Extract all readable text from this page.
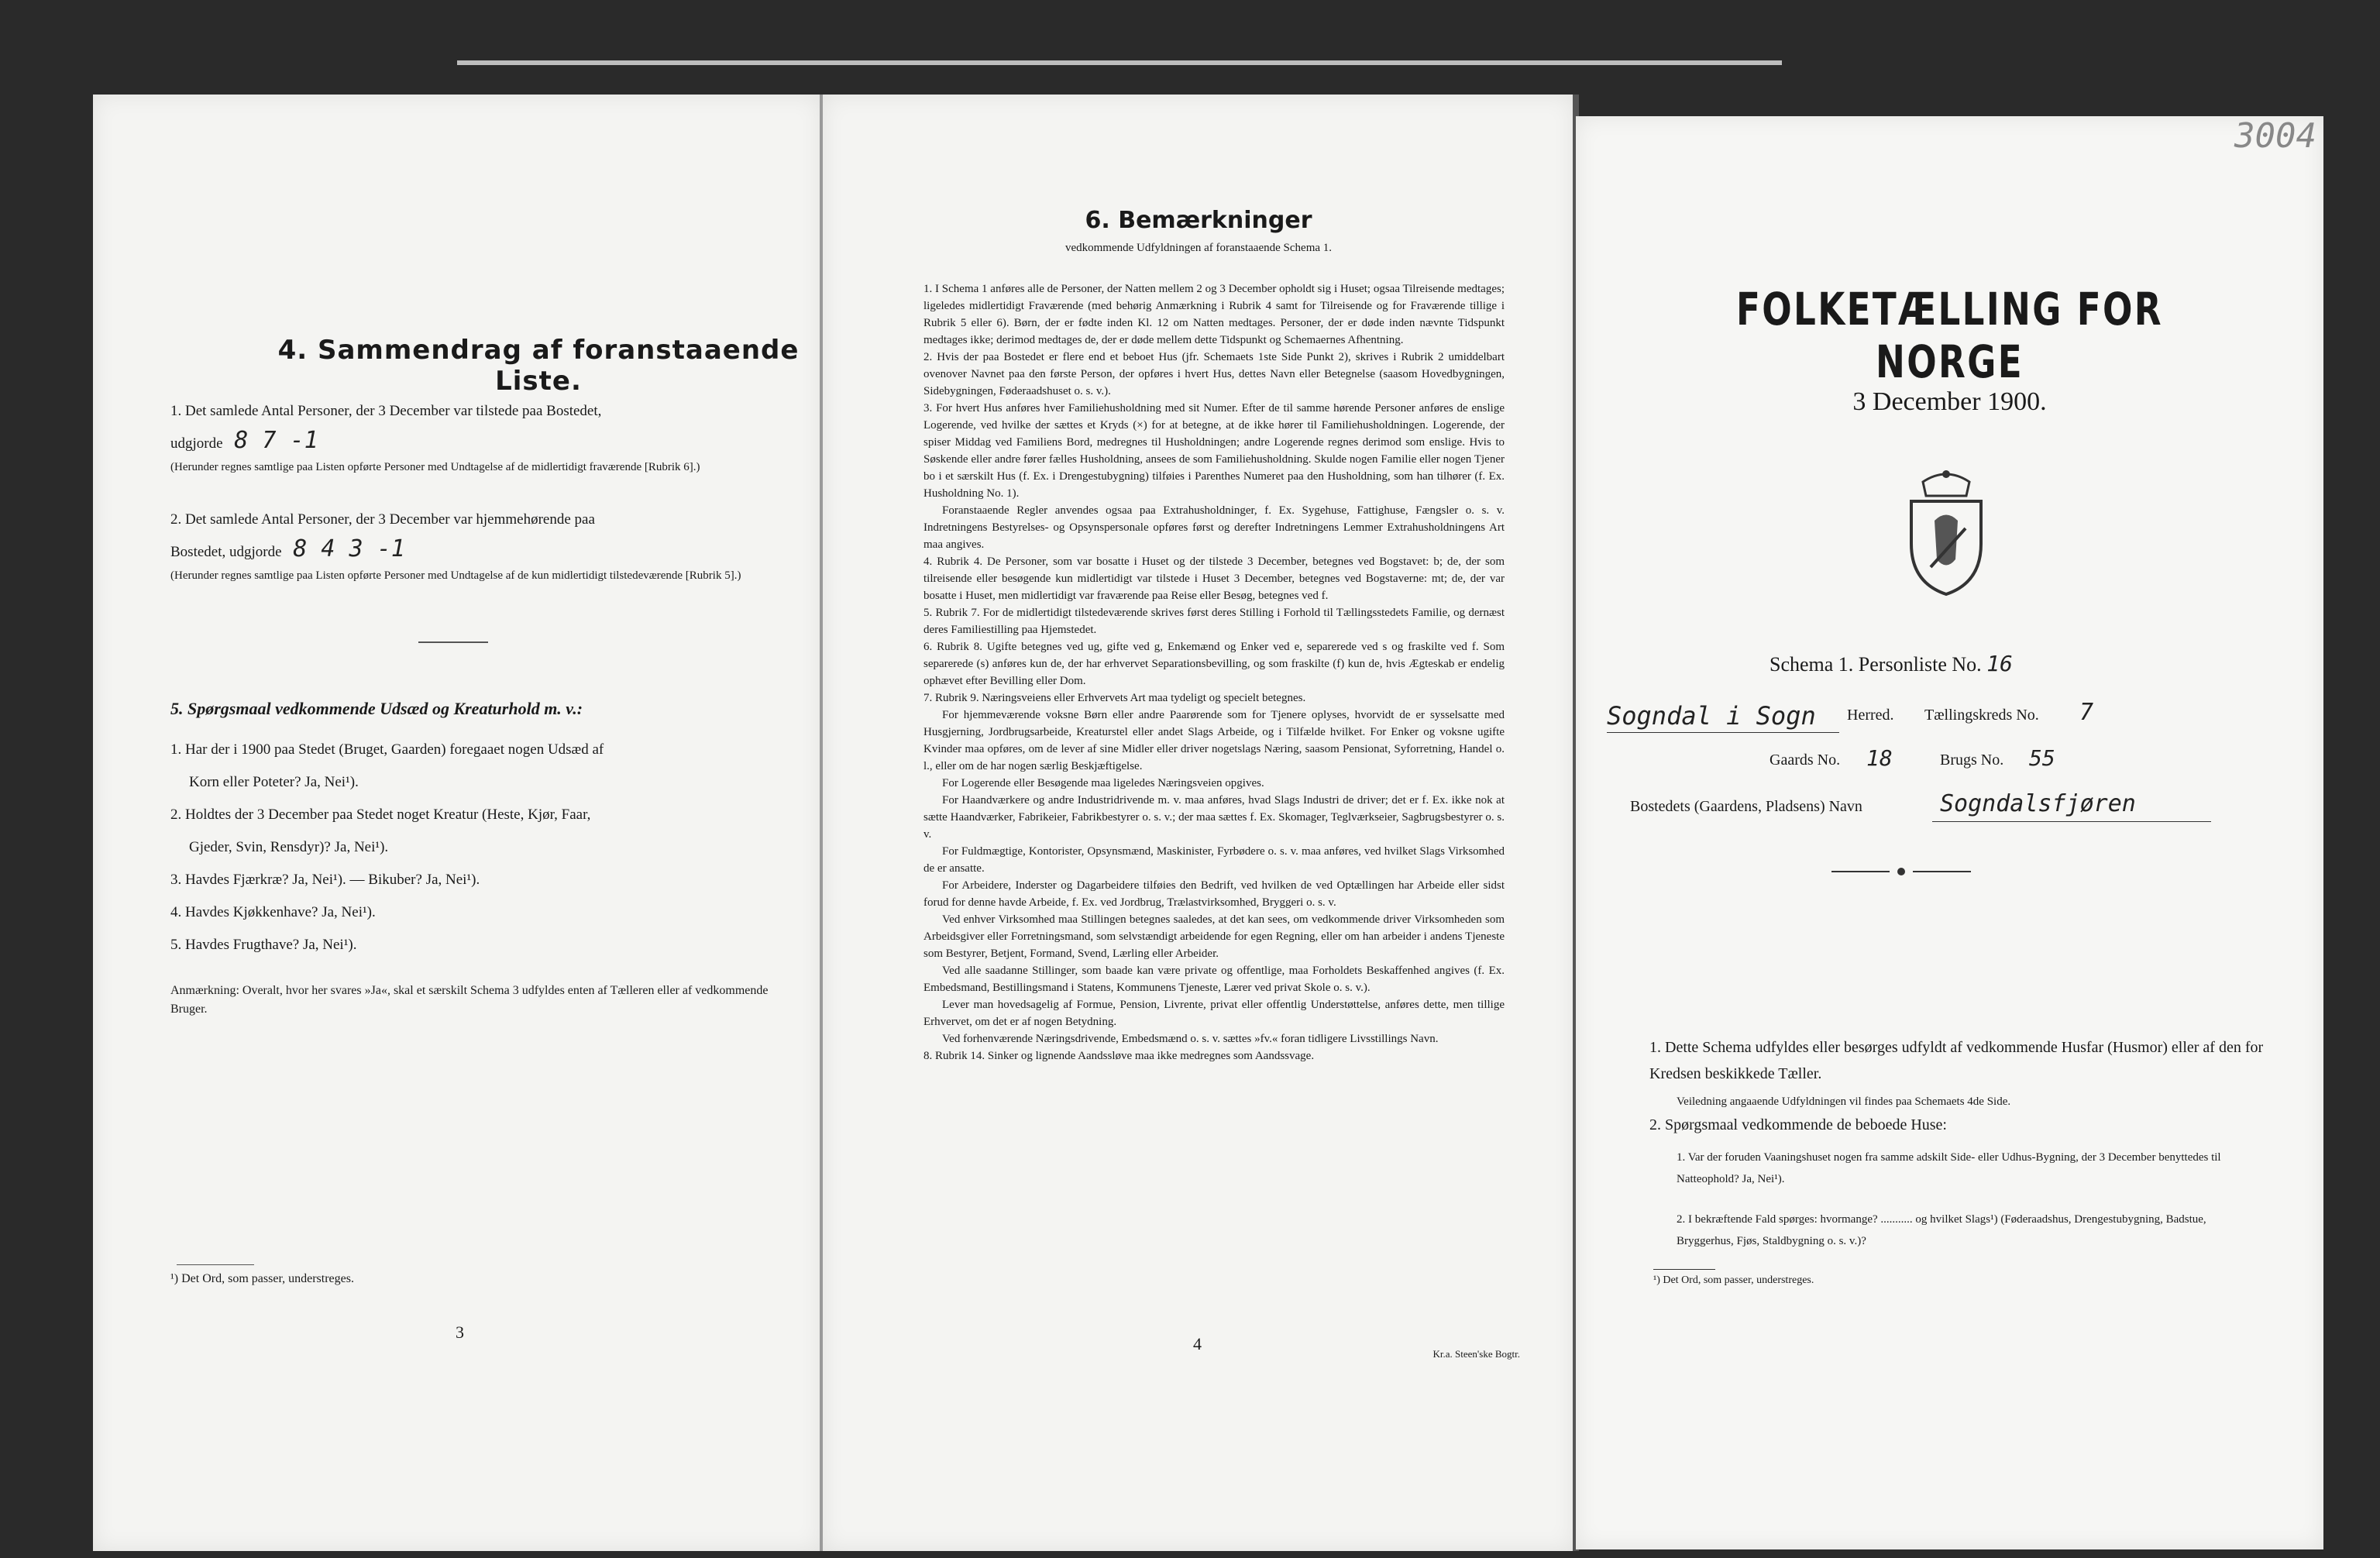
4. Sammendrag af foranstaaende Liste.
1. Det samlede Antal Personer, der 3 December var tilstede paa Bostedet,
udgjorde 8 7 -1
(Herunder regnes samtlige paa Listen opførte Personer med Undtagelse af de midlertidigt fraværende [Rubrik 6].)
2. Det samlede Antal Personer, der 3 December var hjemmehørende paa
Bostedet, udgjorde 8 4 3 -1
(Herunder regnes samtlige paa Listen opførte Personer med Undtagelse af de kun midlertidigt tilstedeværende [Rubrik 5].)
5. Spørgsmaal vedkommende Udsæd og Kreaturhold m. v.:
1. Har der i 1900 paa Stedet (Bruget, Gaarden) foregaaet nogen Udsæd af
Korn eller Poteter? Ja, Nei¹).
2. Holdtes der 3 December paa Stedet noget Kreatur (Heste, Kjør, Faar,
Gjeder, Svin, Rensdyr)? Ja, Nei¹).
3. Havdes Fjærkræ? Ja, Nei¹). — Bikuber? Ja, Nei¹).
4. Havdes Kjøkkenhave? Ja, Nei¹).
5. Havdes Frugthave? Ja, Nei¹).
Anmærkning: Overalt, hvor her svares »Ja«, skal et særskilt Schema 3 udfyldes enten af Tælleren eller af vedkommende Bruger.
¹) Det Ord, som passer, understreges.
3
6. Bemærkninger
vedkommende Udfyldningen af foranstaaende Schema 1.

1. I Schema 1 anføres alle de Personer, der Natten mellem 2 og 3 December opholdt sig i Huset; ogsaa Tilreisende medtages; ligeledes midlertidigt Fraværende (med behørig Anmærkning i Rubrik 4 samt for Tilreisende og for Fraværende tillige i Rubrik 5 eller 6). Børn, der er fødte inden Kl. 12 om Natten medtages. Personer, der er døde inden nævnte Tidspunkt medtages ikke; derimod medtages de, der er døde mellem dette Tidspunkt og Schemaernes Afhentning.

2. Hvis der paa Bostedet er flere end et beboet Hus (jfr. Schemaets 1ste Side Punkt 2), skrives i Rubrik 2 umiddelbart ovenover Navnet paa den første Person, der opføres i hvert Hus, dettes Navn eller Betegnelse (saasom Hovedbygningen, Sidebygningen, Føderaadshuset o. s. v.).

3. For hvert Hus anføres hver Familiehusholdning med sit Numer. Efter de til samme hørende Personer anføres de enslige Logerende, ved hvilke der sættes et Kryds (×) for at betegne, at de ikke hører til Familiehusholdningen. Logerende, der spiser Middag ved Familiens Bord, medregnes til Husholdningen; andre Logerende regnes derimod som enslige. Hvis to Søskende eller andre fører fælles Husholdning, ansees de som Familiehusholdning. Skulde nogen Familie eller nogen Tjener bo i et særskilt Hus (f. Ex. i Drengestubygning) tilføies i Parenthes Numeret paa den Husholdning, som han tilhører (f. Ex. Husholdning No. 1).

Foranstaaende Regler anvendes ogsaa paa Extrahusholdninger, f. Ex. Sygehuse, Fattighuse, Fængsler o. s. v. Indretningens Bestyrelses- og Opsynspersonale opføres først og derefter Indretningens Lemmer Extrahusholdningens Art maa angives.

4. Rubrik 4. De Personer, som var bosatte i Huset og der tilstede 3 December, betegnes ved Bogstavet: b; de, der som tilreisende eller besøgende kun midlertidigt var tilstede i Huset 3 December, betegnes ved Bogstaverne: mt; de, der var bosatte i Huset, men midlertidigt var fraværende paa Reise eller Besøg, betegnes ved f.

5. Rubrik 7. For de midlertidigt tilstedeværende skrives først deres Stilling i Forhold til Tællingsstedets Familie, og dernæst deres Familiestilling paa Hjemstedet.

6. Rubrik 8. Ugifte betegnes ved ug, gifte ved g, Enkemænd og Enker ved e, separerede ved s og fraskilte ved f. Som separerede (s) anføres kun de, der har erhvervet Separationsbevilling, og som fraskilte (f) kun de, hvis Ægteskab er endelig ophævet efter Bevilling eller Dom.

7. Rubrik 9. Næringsveiens eller Erhvervets Art maa tydeligt og specielt betegnes.

For hjemmeværende voksne Børn eller andre Paarørende som for Tjenere oplyses, hvorvidt de er sysselsatte med Husgjerning, Jordbrugsarbeide, Kreaturstel eller andet Slags Arbeide, og i Tilfælde hvilket. For Enker og voksne ugifte Kvinder maa opføres, om de lever af sine Midler eller driver nogetslags Næring, saasom Pensionat, Syforretning, Handel o. l., eller om de har nogen særlig Beskjæftigelse.

For Logerende eller Besøgende maa ligeledes Næringsveien opgives.

For Haandværkere og andre Industridrivende m. v. maa anføres, hvad Slags Industri de driver; det er f. Ex. ikke nok at sætte Haandværker, Fabrikeier, Fabrikbestyrer o. s. v.; der maa sættes f. Ex. Skomager, Teglværkseier, Sagbrugsbestyrer o. s. v.

For Fuldmægtige, Kontorister, Opsynsmænd, Maskinister, Fyrbødere o. s. v. maa anføres, ved hvilket Slags Virksomhed de er ansatte.

For Arbeidere, Inderster og Dagarbeidere tilføies den Bedrift, ved hvilken de ved Optællingen har Arbeide eller sidst forud for denne havde Arbeide, f. Ex. ved Jordbrug, Trælastvirksomhed, Bryggeri o. s. v.

Ved enhver Virksomhed maa Stillingen betegnes saaledes, at det kan sees, om vedkommende driver Virksomheden som Arbeidsgiver eller Forretningsmand, som selvstændigt arbeidende for egen Regning, eller om han arbeider i andens Tjeneste som Bestyrer, Betjent, Formand, Svend, Lærling eller Arbeider.

Ved alle saadanne Stillinger, som baade kan være private og offentlige, maa Forholdets Beskaffenhed angives (f. Ex. Embedsmand, Bestillingsmand i Statens, Kommunens Tjeneste, Lærer ved privat Skole o. s. v.).

Lever man hovedsagelig af Formue, Pension, Livrente, privat eller offentlig Understøttelse, anføres dette, men tillige Erhvervet, om det er af nogen Betydning.

Ved forhenværende Næringsdrivende, Embedsmænd o. s. v. sættes »fv.« foran tidligere Livsstillings Navn.

8. Rubrik 14. Sinker og lignende Aandssløve maa ikke medregnes som Aandssvage.

4
Kr.a. Steen'ske Bogtr.
3004
FOLKETÆLLING FOR NORGE
3 December 1900.
Schema 1. Personliste No. 16
Sogndal i Sogn Herred. Tællingskreds No. 7
Gaards No. 18	Brugs No. 55
Bostedets (Gaardens, Pladsens) Navn	Sogndalsfjøren
1. Dette Schema udfyldes eller besørges udfyldt af vedkommende Husfar (Husmor) eller af den for Kredsen beskikkede Tæller.
Veiledning angaaende Udfyldningen vil findes paa Schemaets 4de Side.
2. Spørgsmaal vedkommende de beboede Huse:
1. Var der foruden Vaaningshuset nogen fra samme adskilt Side- eller Udhus-Bygning, der 3 December benyttedes til Natteophold? Ja, Nei¹).
2. I bekræftende Fald spørges: hvormange? ........... og hvilket Slags¹) (Føderaadshus, Drengestubygning, Badstue, Bryggerhus, Fjøs, Staldbygning o. s. v.)?
¹) Det Ord, som passer, understreges.
